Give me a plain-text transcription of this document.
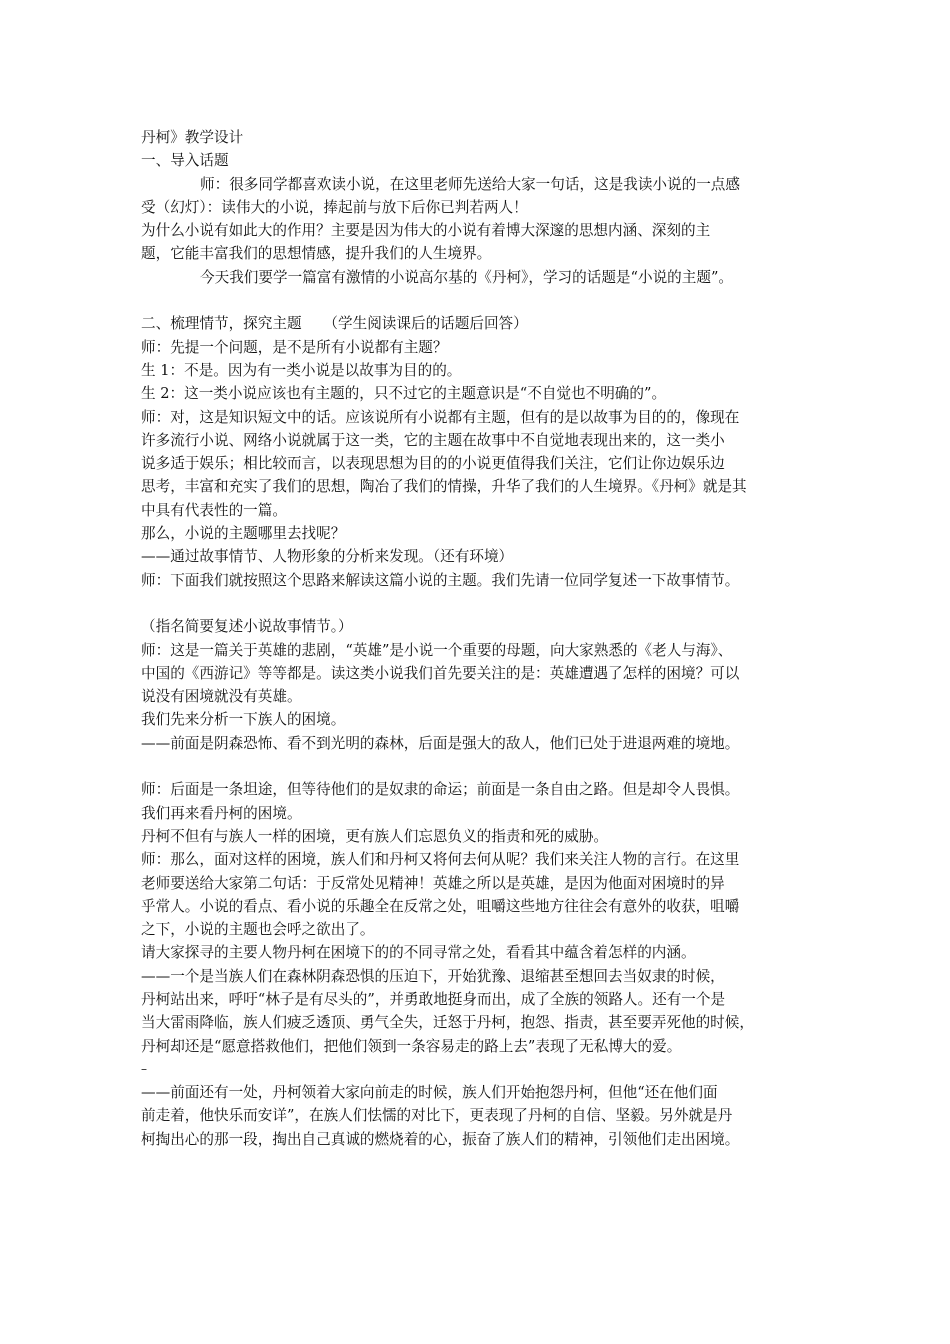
丹柯》教学设计

一、导入话题

师：很多同学都喜欢读小说，在这里老师先送给大家一句话，这是我读小说的一点感

受（幻灯）：读伟大的小说，捧起前与放下后你已判若两人！

为什么小说有如此大的作用？主要是因为伟大的小说有着博大深邃的思想内涵、深刻的主

题，它能丰富我们的思想情感，提升我们的人生境界。

今天我们要学一篇富有激情的小说高尔基的《丹柯》，学习的话题是“小说的主题”。

二、梳理情节，探究主题　　（学生阅读课后的话题后回答）

师：先提一个问题，是不是所有小说都有主题？

生 1：不是。因为有一类小说是以故事为目的的。

生 2：这一类小说应该也有主题的，只不过它的主题意识是“不自觉也不明确的”。

师：对，这是知识短文中的话。应该说所有小说都有主题，但有的是以故事为目的的，像现在

许多流行小说、网络小说就属于这一类，它的主题在故事中不自觉地表现出来的，这一类小

说多适于娱乐；相比较而言，以表现思想为目的的小说更值得我们关注，它们让你边娱乐边

思考，丰富和充实了我们的思想，陶冶了我们的情操，升华了我们的人生境界。《丹柯》就是其

中具有代表性的一篇。

那么，小说的主题哪里去找呢？

——通过故事情节、人物形象的分析来发现。（还有环境）

师：下面我们就按照这个思路来解读这篇小说的主题。我们先请一位同学复述一下故事情节。

（指名简要复述小说故事情节。）

师：这是一篇关于英雄的悲剧，“英雄”是小说一个重要的母题，向大家熟悉的《老人与海》、

中国的《西游记》等等都是。读这类小说我们首先要关注的是：英雄遭遇了怎样的困境？可以

说没有困境就没有英雄。

我们先来分析一下族人的困境。

——前面是阴森恐怖、看不到光明的森林，后面是强大的敌人，他们已处于进退两难的境地。

师：后面是一条坦途，但等待他们的是奴隶的命运；前面是一条自由之路。但是却令人畏惧。

我们再来看丹柯的困境。

丹柯不但有与族人一样的困境，更有族人们忘恩负义的指责和死的威胁。

师：那么，面对这样的困境，族人们和丹柯又将何去何从呢？我们来关注人物的言行。在这里

老师要送给大家第二句话：于反常处见精神！英雄之所以是英雄，是因为他面对困境时的异

乎常人。小说的看点、看小说的乐趣全在反常之处，咀嚼这些地方往往会有意外的收获，咀嚼

之下，小说的主题也会呼之欲出了。

请大家探寻的主要人物丹柯在困境下的的不同寻常之处，看看其中蕴含着怎样的内涵。

——一个是当族人们在森林阴森恐惧的压迫下，开始犹豫、退缩甚至想回去当奴隶的时候，

丹柯站出来，呼吁“林子是有尽头的”，并勇敢地挺身而出，成了全族的领路人。还有一个是

当大雷雨降临，族人们疲乏透顶、勇气全失，迁怒于丹柯，抱怨、指责，甚至要弄死他的时候，

丹柯却还是“愿意搭救他们，把他们领到一条容易走的路上去”表现了无私博大的爱。

–

——前面还有一处，丹柯领着大家向前走的时候，族人们开始抱怨丹柯，但他“还在他们面

前走着，他快乐而安详”，在族人们怯懦的对比下，更表现了丹柯的自信、坚毅。另外就是丹

柯掏出心的那一段，掏出自己真诚的燃烧着的心，振奋了族人们的精神，引领他们走出困境。
